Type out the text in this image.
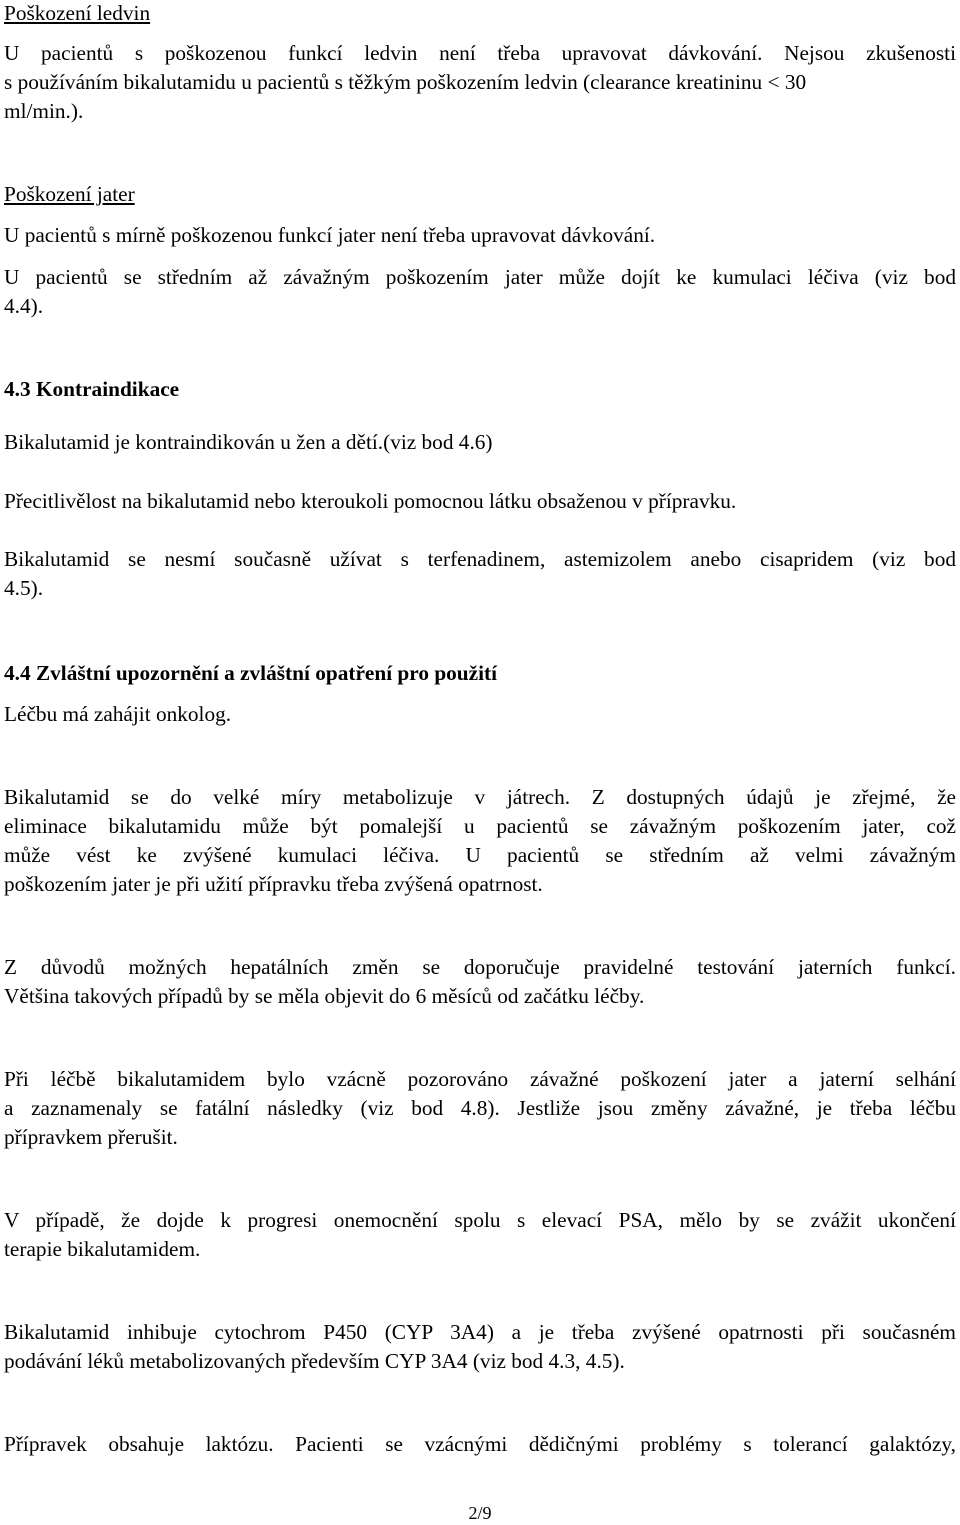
Poškození ledvin
U pacientů s poškozenou funkcí ledvin není třeba upravovat dávkování. Nejsou zkušenosti
s používáním bikalutamidu u pacientů s těžkým poškozením ledvin (clearance kreatininu < 30
ml/min.).
Poškození jater
U pacientů s mírně poškozenou funkcí jater není třeba upravovat dávkování.
U pacientů se středním až závažným poškozením jater může dojít ke kumulaci léčiva (viz bod
4.4).
4.3 Kontraindikace
Bikalutamid je kontraindikován u žen a dětí.(viz bod 4.6)
Přecitlivělost na bikalutamid nebo kteroukoli pomocnou látku obsaženou v přípravku.
Bikalutamid se nesmí současně užívat s terfenadinem, astemizolem anebo cisapridem (viz bod
4.5).
4.4 Zvláštní upozornění a zvláštní opatření pro použití
Léčbu má zahájit onkolog.
Bikalutamid se do velké míry metabolizuje v játrech. Z dostupných údajů je zřejmé, že
eliminace bikalutamidu může být pomalejší u pacientů se závažným poškozením jater, což
může vést ke zvýšené kumulaci léčiva. U pacientů se středním až velmi závažným
poškozením jater je při užití přípravku třeba zvýšená opatrnost.
Z důvodů možných hepatálních změn se doporučuje pravidelné testování jaterních funkcí.
Většina takových případů by se měla objevit do 6 měsíců od začátku léčby.
Při léčbě bikalutamidem bylo vzácně pozorováno závažné poškození jater a jaterní selhání
a zaznamenaly se fatální následky (viz bod 4.8). Jestliže jsou změny závažné, je třeba léčbu
přípravkem přerušit.
V případě, že dojde k progresi onemocnění spolu s elevací PSA, mělo by se zvážit ukončení
terapie bikalutamidem.
Bikalutamid inhibuje cytochrom P450 (CYP 3A4) a je třeba zvýšené opatrnosti při současném
podávání léků metabolizovaných především CYP 3A4 (viz bod 4.3, 4.5).
Přípravek obsahuje laktózu. Pacienti se vzácnými dědičnými problémy s tolerancí galaktózy,
2/9
